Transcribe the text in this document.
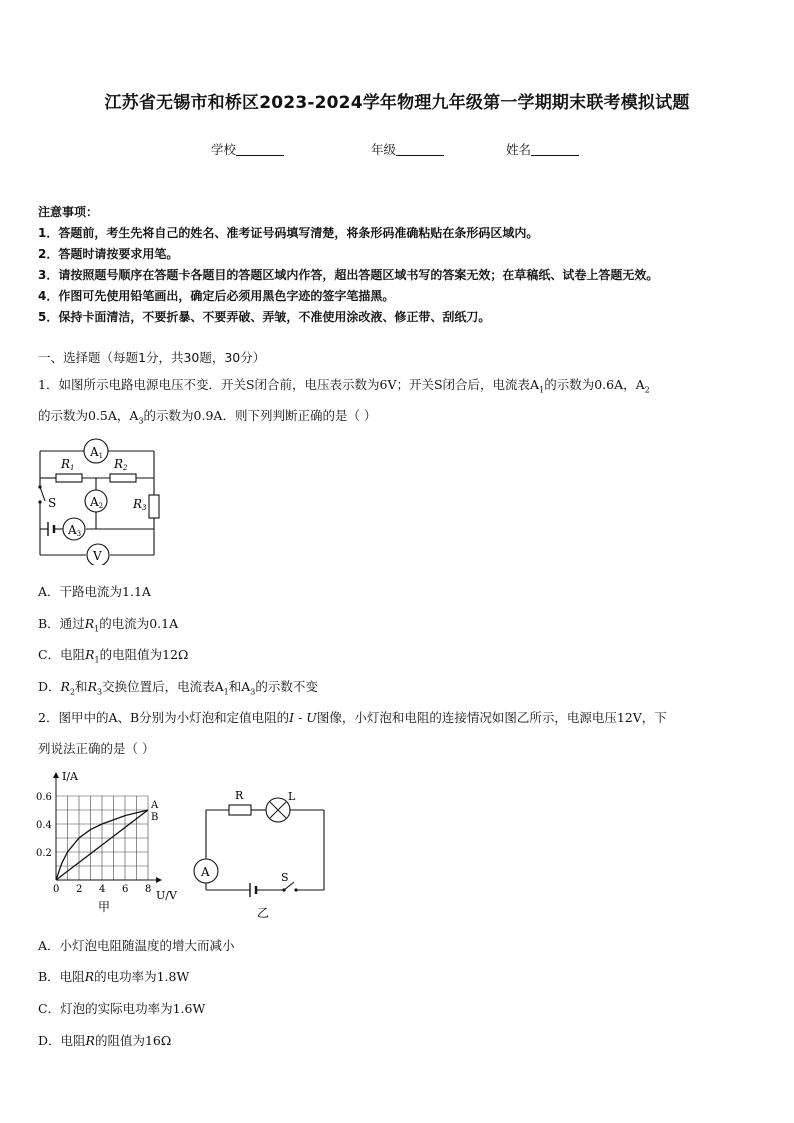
江苏省无锡市和桥区2023-2024学年物理九年级第一学期期末联考模拟试题
学校	年级	姓名
注意事项：
1．答题前，考生先将自己的姓名、准考证号码填写清楚，将条形码准确粘贴在条形码区域内。
2．答题时请按要求用笔。
3．请按照题号顺序在答题卡各题目的答题区域内作答，超出答题区域书写的答案无效；在草稿纸、试卷上答题无效。
4．作图可先使用铅笔画出，确定后必须用黑色字迹的签字笔描黑。
5．保持卡面清洁，不要折暴、不要弄破、弄皱，不准使用涂改液、修正带、刮纸刀。
一、选择题（每题1分，共30题，30分）
1．如图所示电路电源电压不变．开关S闭合前，电压表示数为6V；开关S闭合后，电流表$A_1$的示数为0.6A，$A_2$
的示数为0.5A，$A_3$的示数为0.9A．则下列判断正确的是（ ）
A1
A2
A3
V
R1	R2
R3
S
A．干路电流为1.1A
B．通过$R_1$的电流为0.1A
C．电阻$R_1$的电阻值为12Ω
D．$R_2$和$R_3$交换位置后，电流表$A_1$和$A_3$的示数不变
2．图甲中的A、B分别为小灯泡和定值电阻的I - U图像，小灯泡和电阻的连接情况如图乙所示，电源电压12V，下
列说法正确的是（ ）
A
B
0 2 4 6 8
0.2
0.4
0.6
I/A
U/V
甲
A
R	L
S
乙
A．小灯泡电阻随温度的增大而减小
B．电阻R的电功率为1.8W
C．灯泡的实际电功率为1.6W
D．电阻R的阻值为16Ω
